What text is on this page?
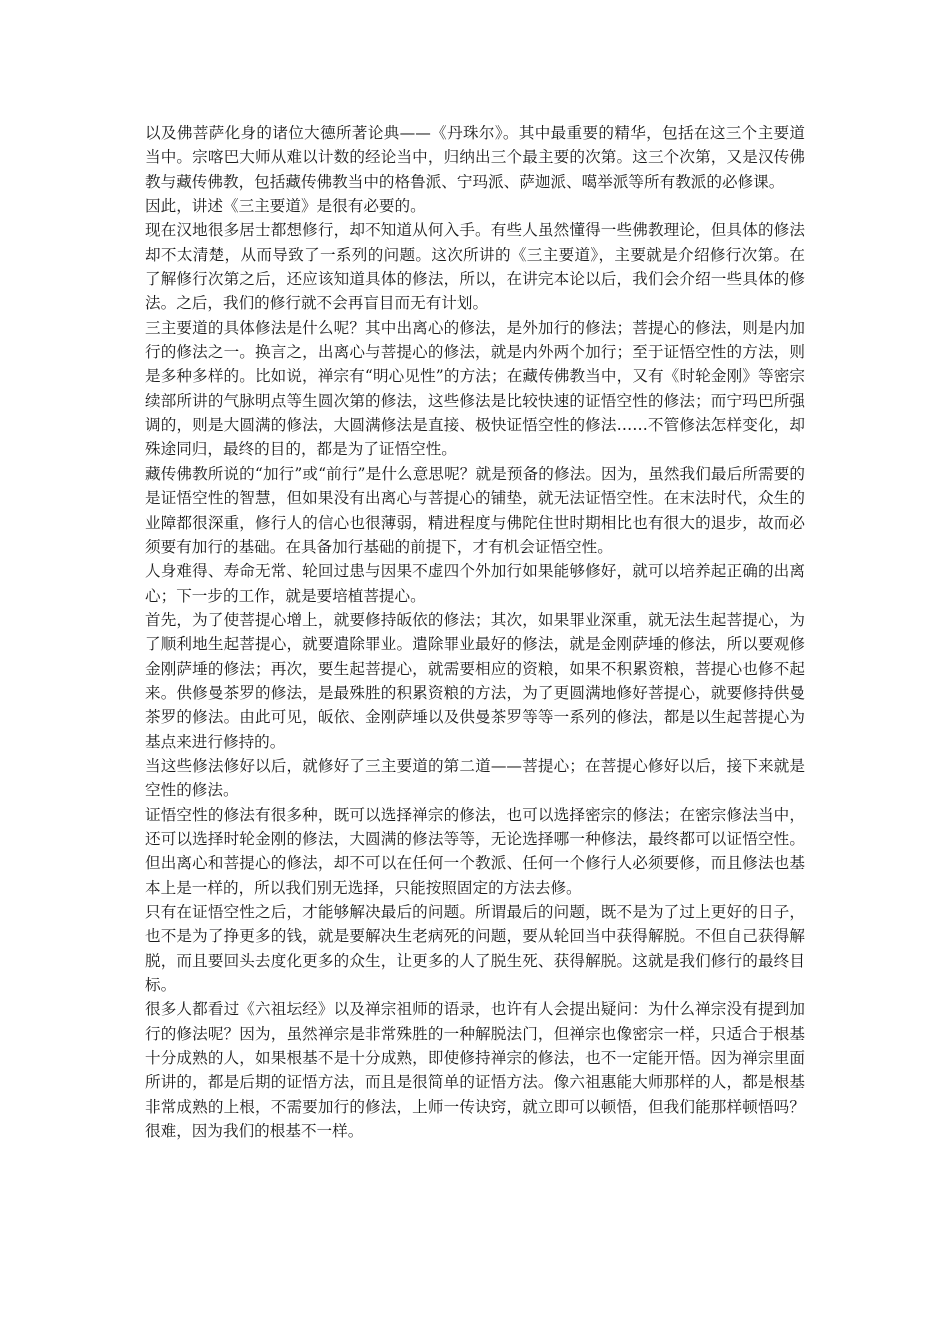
以及佛菩萨化身的诸位大德所著论典——《丹珠尔》。其中最重要的精华，包括在这三个主要道当中。宗喀巴大师从难以计数的经论当中，归纳出三个最主要的次第。这三个次第，又是汉传佛教与藏传佛教，包括藏传佛教当中的格鲁派、宁玛派、萨迦派、噶举派等所有教派的必修课。

因此，讲述《三主要道》是很有必要的。

现在汉地很多居士都想修行，却不知道从何入手。有些人虽然懂得一些佛教理论，但具体的修法却不太清楚，从而导致了一系列的问题。这次所讲的《三主要道》，主要就是介绍修行次第。在了解修行次第之后，还应该知道具体的修法，所以，在讲完本论以后，我们会介绍一些具体的修法。之后，我们的修行就不会再盲目而无有计划。

三主要道的具体修法是什么呢？其中出离心的修法，是外加行的修法；菩提心的修法，则是内加行的修法之一。换言之，出离心与菩提心的修法，就是内外两个加行；至于证悟空性的方法，则是多种多样的。比如说，禅宗有“明心见性”的方法；在藏传佛教当中，又有《时轮金刚》等密宗续部所讲的气脉明点等生圆次第的修法，这些修法是比较快速的证悟空性的修法；而宁玛巴所强调的，则是大圆满的修法，大圆满修法是直接、极快证悟空性的修法……不管修法怎样变化，却殊途同归，最终的目的，都是为了证悟空性。

藏传佛教所说的“加行”或“前行”是什么意思呢？就是预备的修法。因为，虽然我们最后所需要的是证悟空性的智慧，但如果没有出离心与菩提心的铺垫，就无法证悟空性。在末法时代，众生的业障都很深重，修行人的信心也很薄弱，精进程度与佛陀住世时期相比也有很大的退步，故而必须要有加行的基础。在具备加行基础的前提下，才有机会证悟空性。

人身难得、寿命无常、轮回过患与因果不虚四个外加行如果能够修好，就可以培养起正确的出离心；下一步的工作，就是要培植菩提心。

首先，为了使菩提心增上，就要修持皈依的修法；其次，如果罪业深重，就无法生起菩提心，为了顺利地生起菩提心，就要遣除罪业。遣除罪业最好的修法，就是金刚萨埵的修法，所以要观修金刚萨埵的修法；再次，要生起菩提心，就需要相应的资粮，如果不积累资粮，菩提心也修不起来。供修曼茶罗的修法，是最殊胜的积累资粮的方法，为了更圆满地修好菩提心，就要修持供曼茶罗的修法。由此可见，皈依、金刚萨埵以及供曼茶罗等等一系列的修法，都是以生起菩提心为基点来进行修持的。

当这些修法修好以后，就修好了三主要道的第二道——菩提心；在菩提心修好以后，接下来就是空性的修法。

证悟空性的修法有很多种，既可以选择禅宗的修法，也可以选择密宗的修法；在密宗修法当中，还可以选择时轮金刚的修法，大圆满的修法等等，无论选择哪一种修法，最终都可以证悟空性。但出离心和菩提心的修法，却不可以在任何一个教派、任何一个修行人必须要修，而且修法也基本上是一样的，所以我们别无选择，只能按照固定的方法去修。

只有在证悟空性之后，才能够解决最后的问题。所谓最后的问题，既不是为了过上更好的日子，也不是为了挣更多的钱，就是要解决生老病死的问题，要从轮回当中获得解脱。不但自己获得解脱，而且要回头去度化更多的众生，让更多的人了脱生死、获得解脱。这就是我们修行的最终目标。

很多人都看过《六祖坛经》以及禅宗祖师的语录，也许有人会提出疑问：为什么禅宗没有提到加行的修法呢？因为，虽然禅宗是非常殊胜的一种解脱法门，但禅宗也像密宗一样，只适合于根基十分成熟的人，如果根基不是十分成熟，即使修持禅宗的修法，也不一定能开悟。因为禅宗里面所讲的，都是后期的证悟方法，而且是很简单的证悟方法。像六祖惠能大师那样的人，都是根基非常成熟的上根，不需要加行的修法，上师一传诀窍，就立即可以顿悟，但我们能那样顿悟吗？很难，因为我们的根基不一样。
